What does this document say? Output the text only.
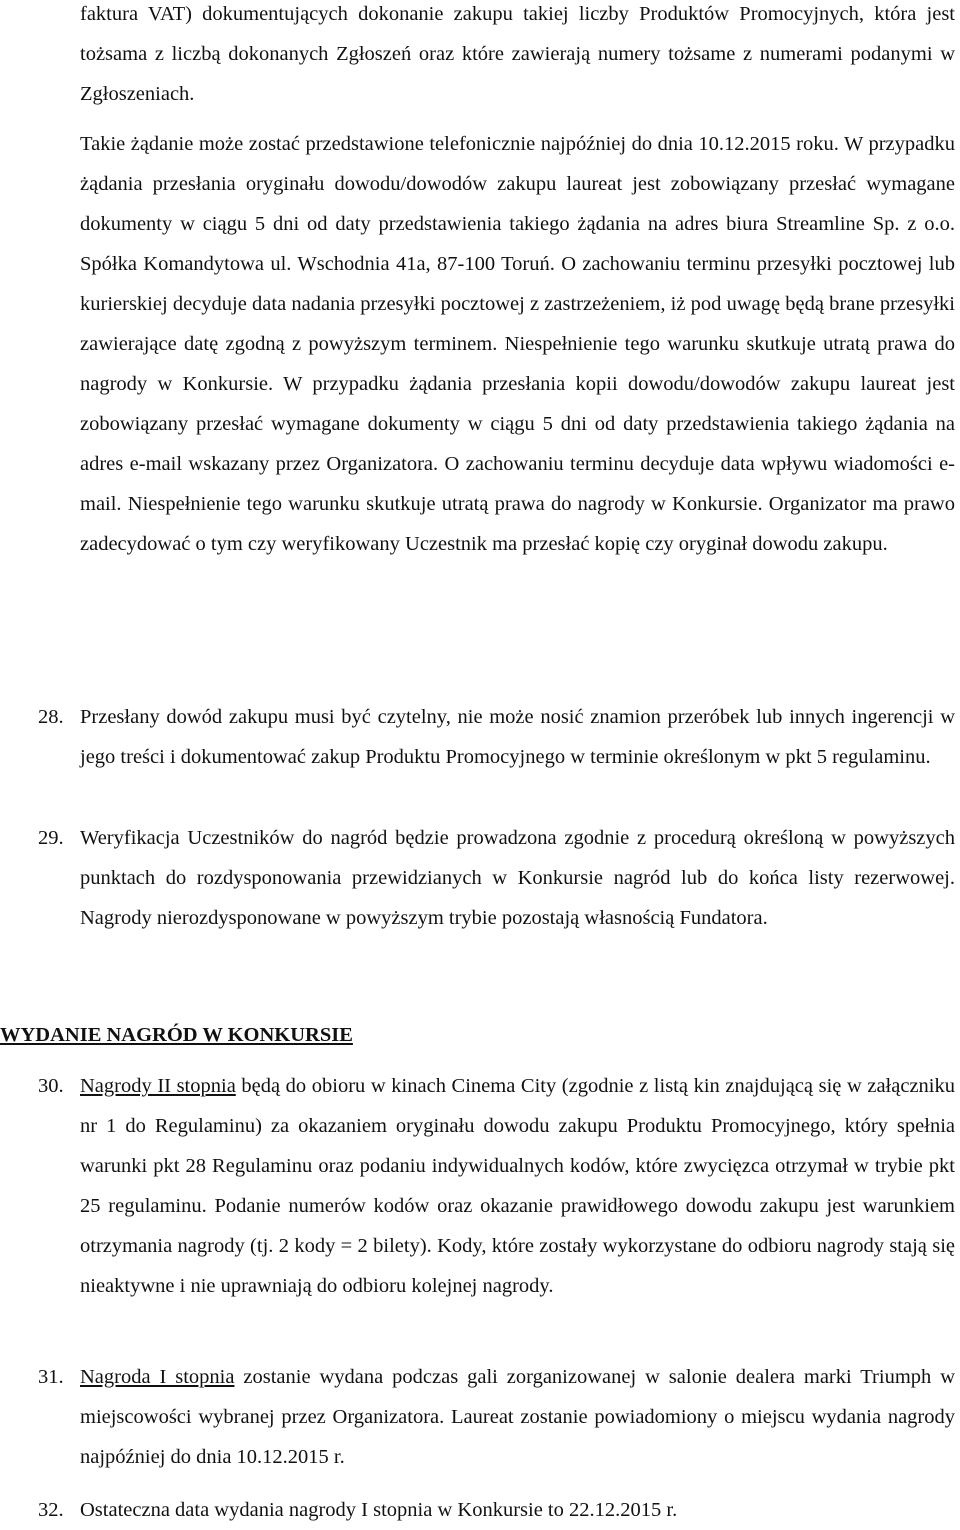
faktura VAT) dokumentujących dokonanie zakupu takiej liczby Produktów Promocyjnych, która jest tożsama z liczbą dokonanych Zgłoszeń oraz które zawierają numery tożsame z numerami podanymi w Zgłoszeniach.

Takie żądanie może zostać przedstawione telefonicznie najpóźniej do dnia 10.12.2015 roku. W przypadku żądania przesłania oryginału dowodu/dowodów zakupu laureat jest zobowiązany przesłać wymagane dokumenty w ciągu 5 dni od daty przedstawienia takiego żądania na adres biura Streamline Sp. z o.o. Spółka Komandytowa ul. Wschodnia 41a, 87-100 Toruń. O zachowaniu terminu przesyłki pocztowej lub kurierskiej decyduje data nadania przesyłki pocztowej z zastrzeżeniem, iż pod uwagę będą brane przesyłki zawierające datę zgodną z powyższym terminem. Niespełnienie tego warunku skutkuje utratą prawa do nagrody w Konkursie. W przypadku żądania przesłania kopii dowodu/dowodów zakupu laureat jest zobowiązany przesłać wymagane dokumenty w ciągu 5 dni od daty przedstawienia takiego żądania na adres e-mail wskazany przez Organizatora. O zachowaniu terminu decyduje data wpływu wiadomości e-mail. Niespełnienie tego warunku skutkuje utratą prawa do nagrody w Konkursie. Organizator ma prawo zadecydować o tym czy weryfikowany Uczestnik ma przesłać kopię czy oryginał dowodu zakupu.

28. Przesłany dowód zakupu musi być czytelny, nie może nosić znamion przeróbek lub innych ingerencji w jego treści i dokumentować zakup Produktu Promocyjnego w terminie określonym w pkt 5 regulaminu.
29. Weryfikacja Uczestników do nagród będzie prowadzona zgodnie z procedurą określoną w powyższych punktach do rozdysponowania przewidzianych w Konkursie nagród lub do końca listy rezerwowej. Nagrody nierozdysponowane w powyższym trybie pozostają własnością Fundatora.

WYDANIE NAGRÓD W KONKURSIE

30. Nagrody II stopnia będą do obioru w kinach Cinema City (zgodnie z listą kin znajdującą się w załączniku nr 1 do Regulaminu) za okazaniem oryginału dowodu zakupu Produktu Promocyjnego, który spełnia warunki pkt 28 Regulaminu oraz podaniu indywidualnych kodów, które zwycięzca otrzymał w trybie pkt 25 regulaminu. Podanie numerów kodów oraz okazanie prawidłowego dowodu zakupu jest warunkiem otrzymania nagrody (tj. 2 kody = 2 bilety). Kody, które zostały wykorzystane do odbioru nagrody stają się nieaktywne i nie uprawniają do odbioru kolejnej nagrody.
31. Nagroda I stopnia zostanie wydana podczas gali zorganizowanej w salonie dealera marki Triumph w miejscowości wybranej przez Organizatora. Laureat zostanie powiadomiony o miejscu wydania nagrody najpóźniej do dnia 10.12.2015 r.
32. Ostateczna data wydania nagrody I stopnia w Konkursie to 22.12.2015 r.
